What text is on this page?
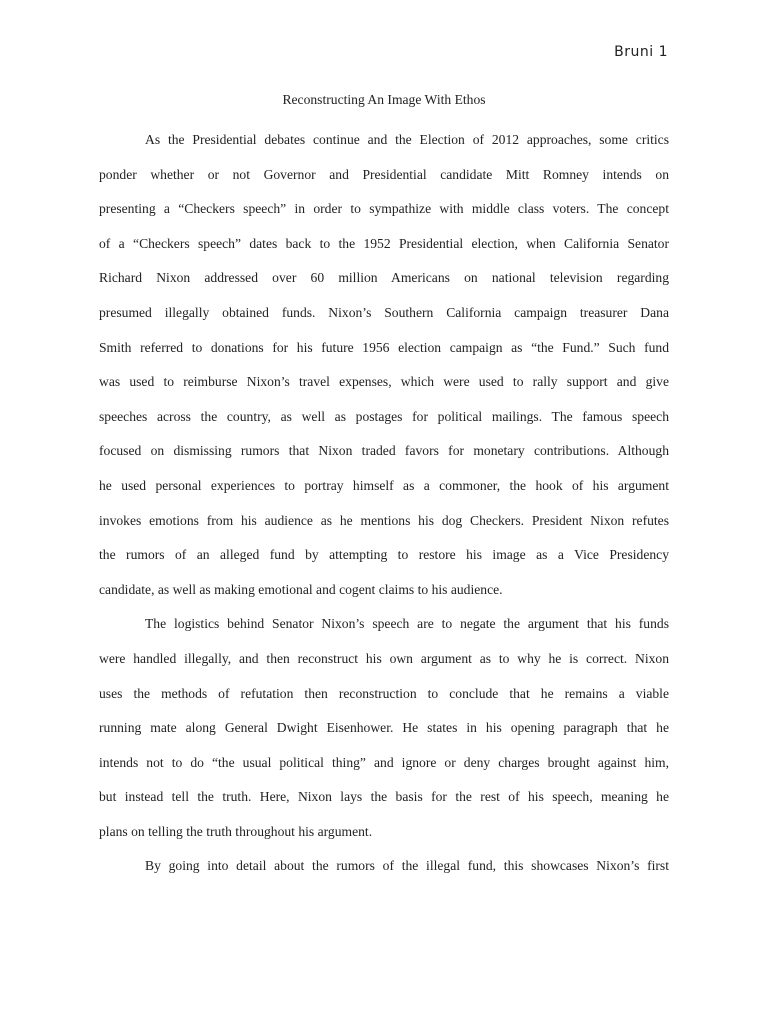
Bruni 1
Reconstructing An Image With Ethos
As the Presidential debates continue and the Election of 2012 approaches, some critics
ponder whether or not Governor and Presidential candidate Mitt Romney intends on
presenting a “Checkers speech” in order to sympathize with middle class voters. The concept
of a “Checkers speech” dates back to the 1952 Presidential election, when California Senator
Richard Nixon addressed over 60 million Americans on national television regarding
presumed illegally obtained funds. Nixon’s Southern California campaign treasurer Dana
Smith referred to donations for his future 1956 election campaign as “the Fund.” Such fund
was used to reimburse Nixon’s travel expenses, which were used to rally support and give
speeches across the country, as well as postages for political mailings. The famous speech
focused on dismissing rumors that Nixon traded favors for monetary contributions. Although
he used personal experiences to portray himself as a commoner, the hook of his argument
invokes emotions from his audience as he mentions his dog Checkers. President Nixon refutes
the rumors of an alleged fund by attempting to restore his image as a Vice Presidency
candidate, as well as making emotional and cogent claims to his audience.
The logistics behind Senator Nixon’s speech are to negate the argument that his funds
were handled illegally, and then reconstruct his own argument as to why he is correct. Nixon
uses the methods of refutation then reconstruction to conclude that he remains a viable
running mate along General Dwight Eisenhower. He states in his opening paragraph that he
intends not to do “the usual political thing” and ignore or deny charges brought against him,
but instead tell the truth. Here, Nixon lays the basis for the rest of his speech, meaning he
plans on telling the truth throughout his argument.
By going into detail about the rumors of the illegal fund, this showcases Nixon’s first
